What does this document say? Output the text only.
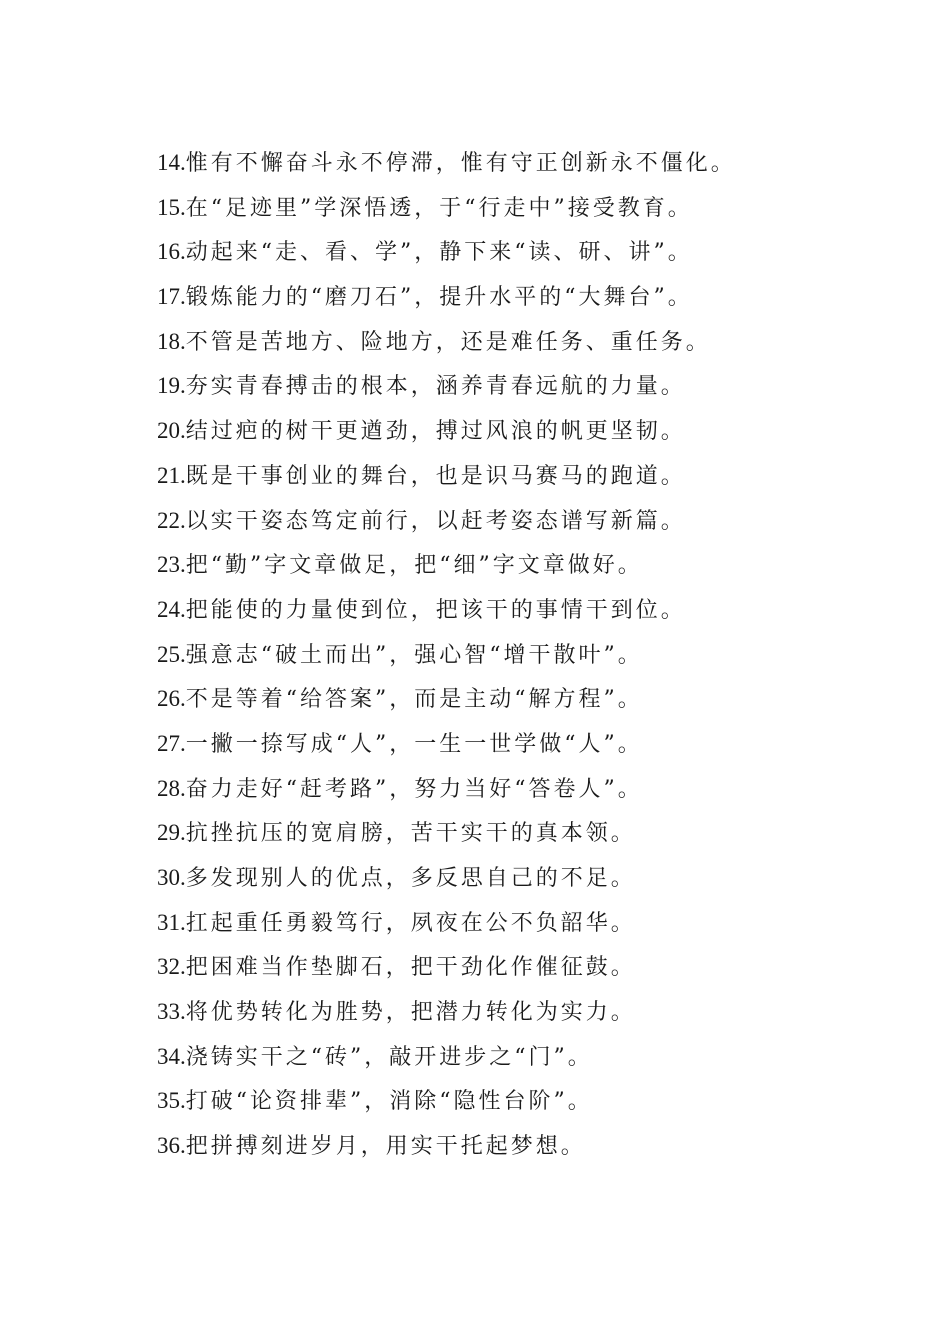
14.惟有不懈奋斗永不停滞，惟有守正创新永不僵化。
15.在“足迹里”学深悟透，于“行走中”接受教育。
16.动起来“走、看、学”，静下来“读、研、讲”。
17.锻炼能力的“磨刀石”，提升水平的“大舞台”。
18.不管是苦地方、险地方，还是难任务、重任务。
19.夯实青春搏击的根本，涵养青春远航的力量。
20.结过疤的树干更遒劲，搏过风浪的帆更坚韧。
21.既是干事创业的舞台，也是识马赛马的跑道。
22.以实干姿态笃定前行，以赶考姿态谱写新篇。
23.把“勤”字文章做足，把“细”字文章做好。
24.把能使的力量使到位，把该干的事情干到位。
25.强意志“破土而出”，强心智“增干散叶”。
26.不是等着“给答案”，而是主动“解方程”。
27.一撇一捺写成“人”，一生一世学做“人”。
28.奋力走好“赶考路”，努力当好“答卷人”。
29.抗挫抗压的宽肩膀，苦干实干的真本领。
30.多发现别人的优点，多反思自己的不足。
31.扛起重任勇毅笃行，夙夜在公不负韶华。
32.把困难当作垫脚石，把干劲化作催征鼓。
33.将优势转化为胜势，把潜力转化为实力。
34.浇铸实干之“砖”，敲开进步之“门”。
35.打破“论资排辈”，消除“隐性台阶”。
36.把拼搏刻进岁月，用实干托起梦想。
